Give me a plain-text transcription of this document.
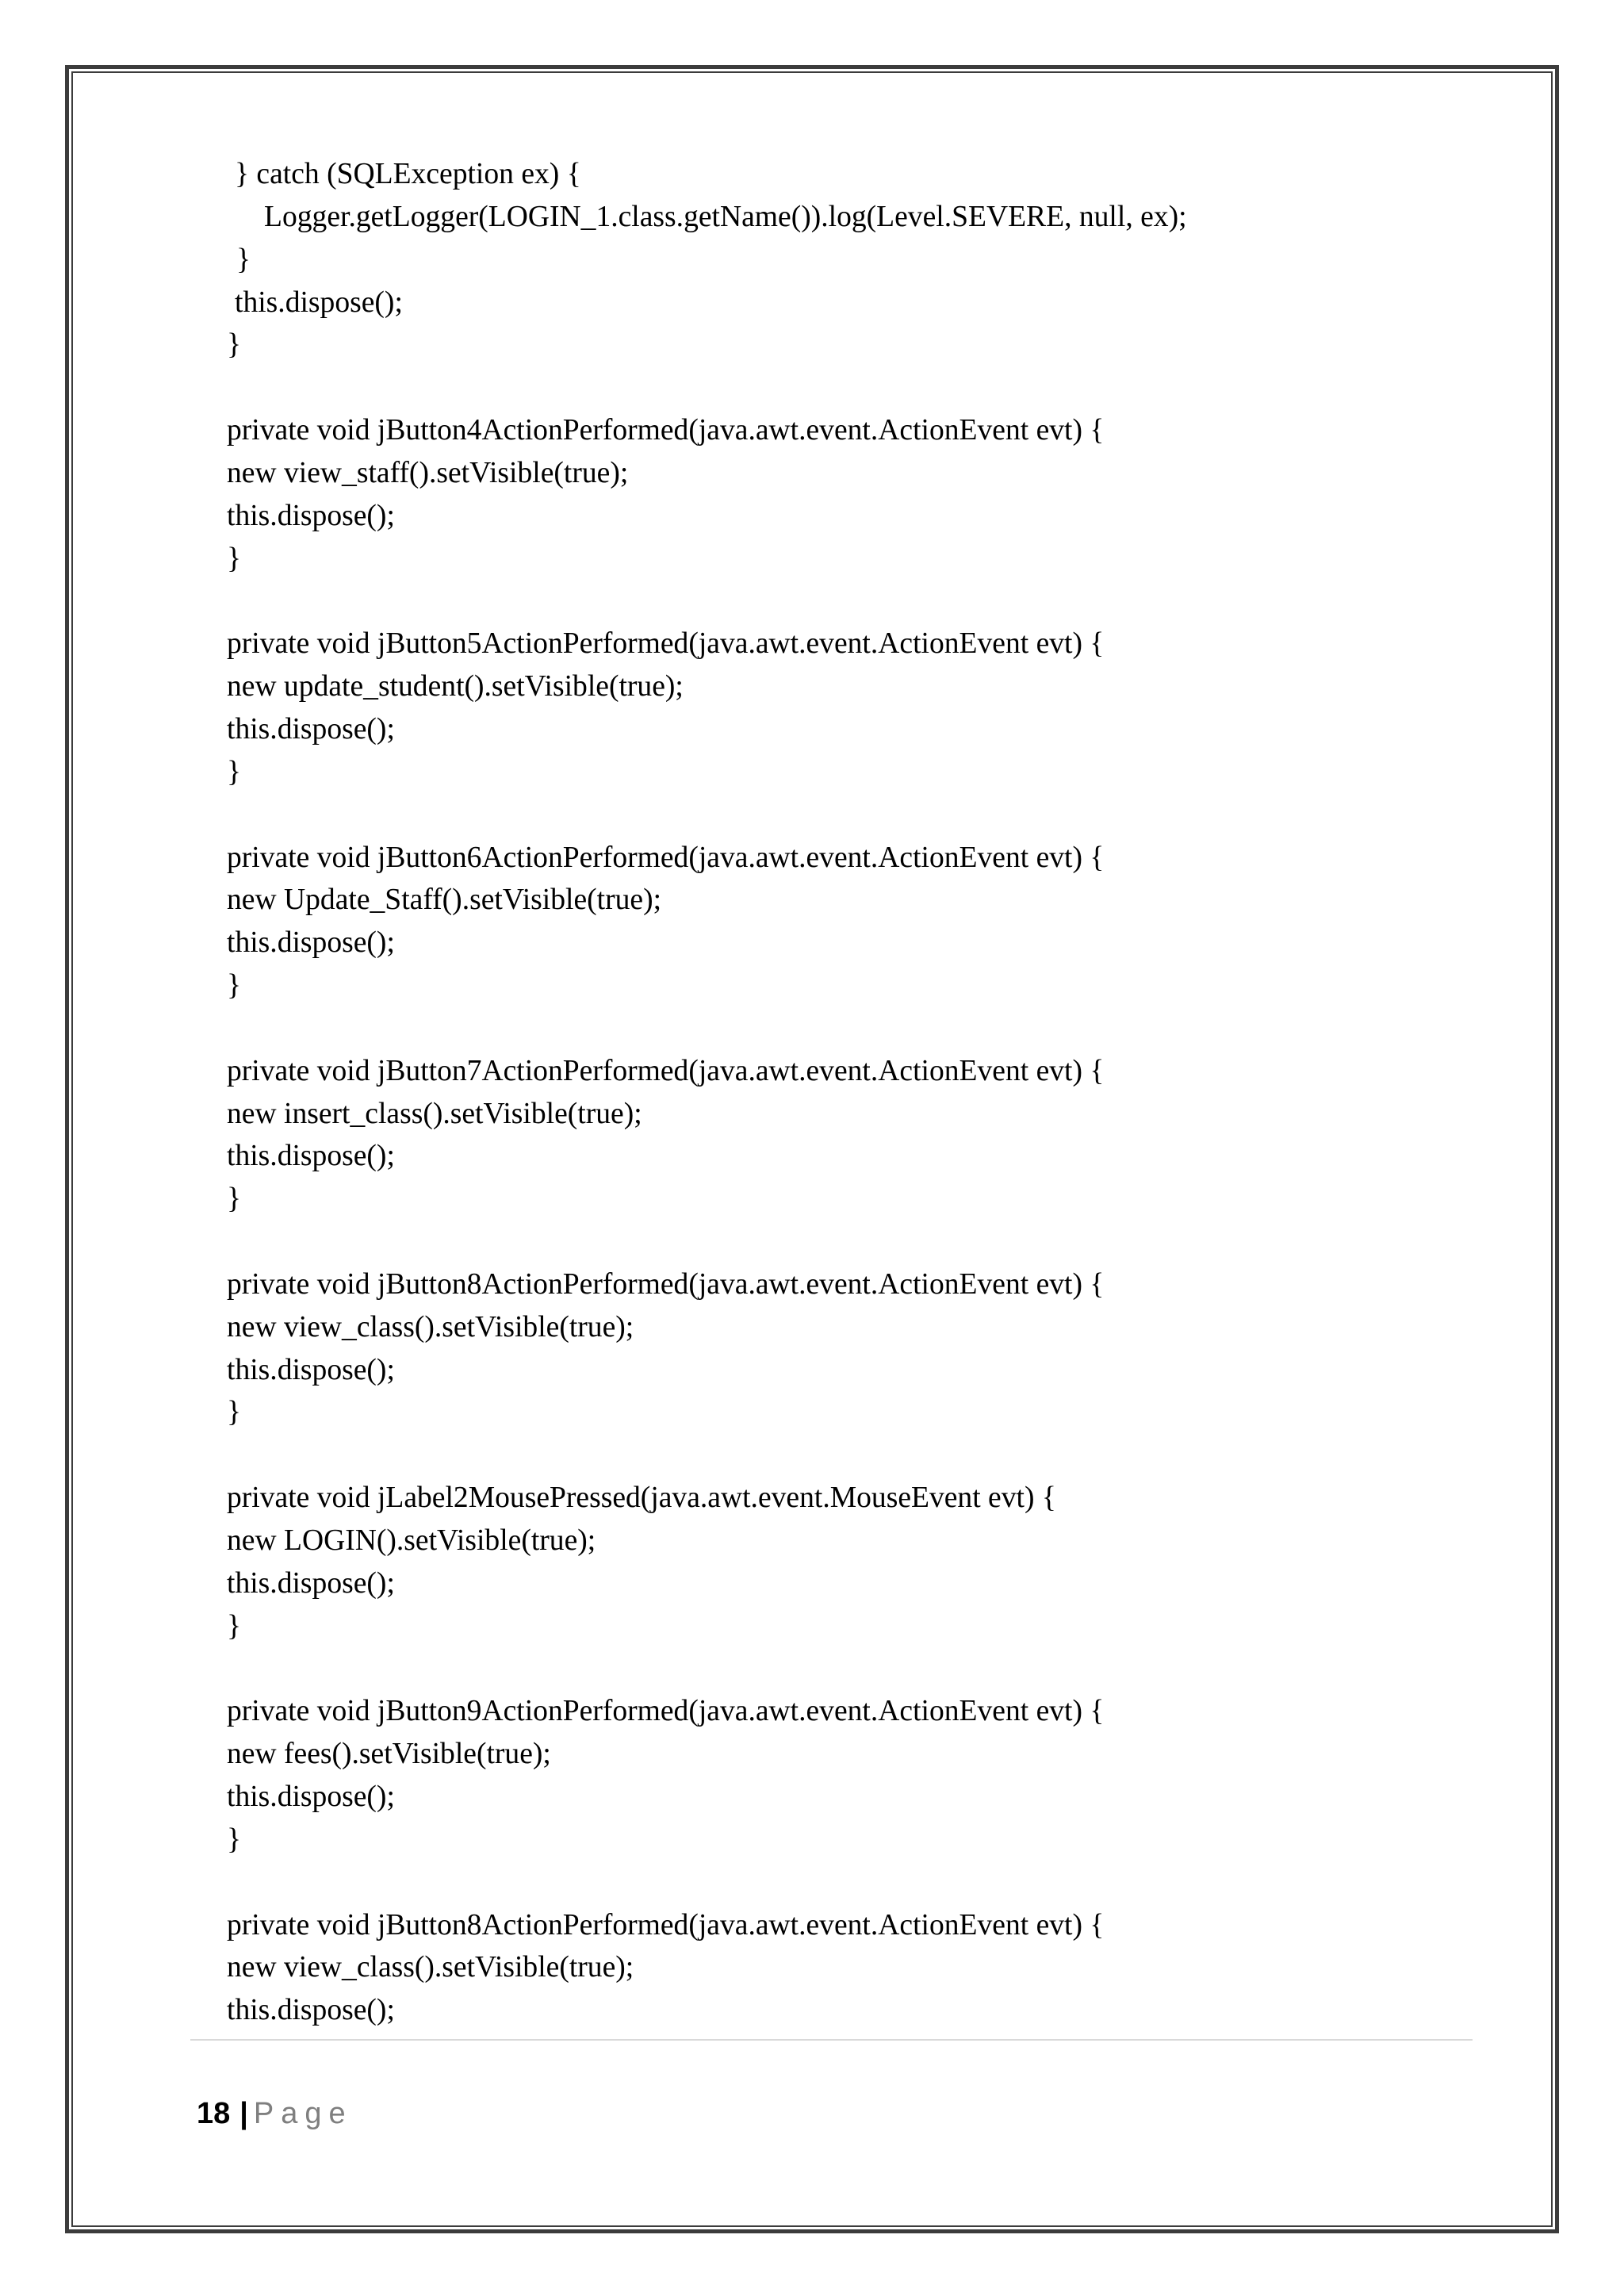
} catch (SQLException ex) {
Logger.getLogger(LOGIN_1.class.getName()).log(Level.SEVERE, null, ex);
}
this.dispose();
}
private void jButton4ActionPerformed(java.awt.event.ActionEvent evt) {
new view_staff().setVisible(true);
this.dispose();
}
private void jButton5ActionPerformed(java.awt.event.ActionEvent evt) {
new update_student().setVisible(true);
this.dispose();
}
private void jButton6ActionPerformed(java.awt.event.ActionEvent evt) {
new Update_Staff().setVisible(true);
this.dispose();
}
private void jButton7ActionPerformed(java.awt.event.ActionEvent evt) {
new insert_class().setVisible(true);
this.dispose();
}
private void jButton8ActionPerformed(java.awt.event.ActionEvent evt) {
new view_class().setVisible(true);
this.dispose();
}
private void jLabel2MousePressed(java.awt.event.MouseEvent evt) {
new LOGIN().setVisible(true);
this.dispose();
}
private void jButton9ActionPerformed(java.awt.event.ActionEvent evt) {
new fees().setVisible(true);
this.dispose();
}
private void jButton8ActionPerformed(java.awt.event.ActionEvent evt) {
new view_class().setVisible(true);
this.dispose();
18 | Page
